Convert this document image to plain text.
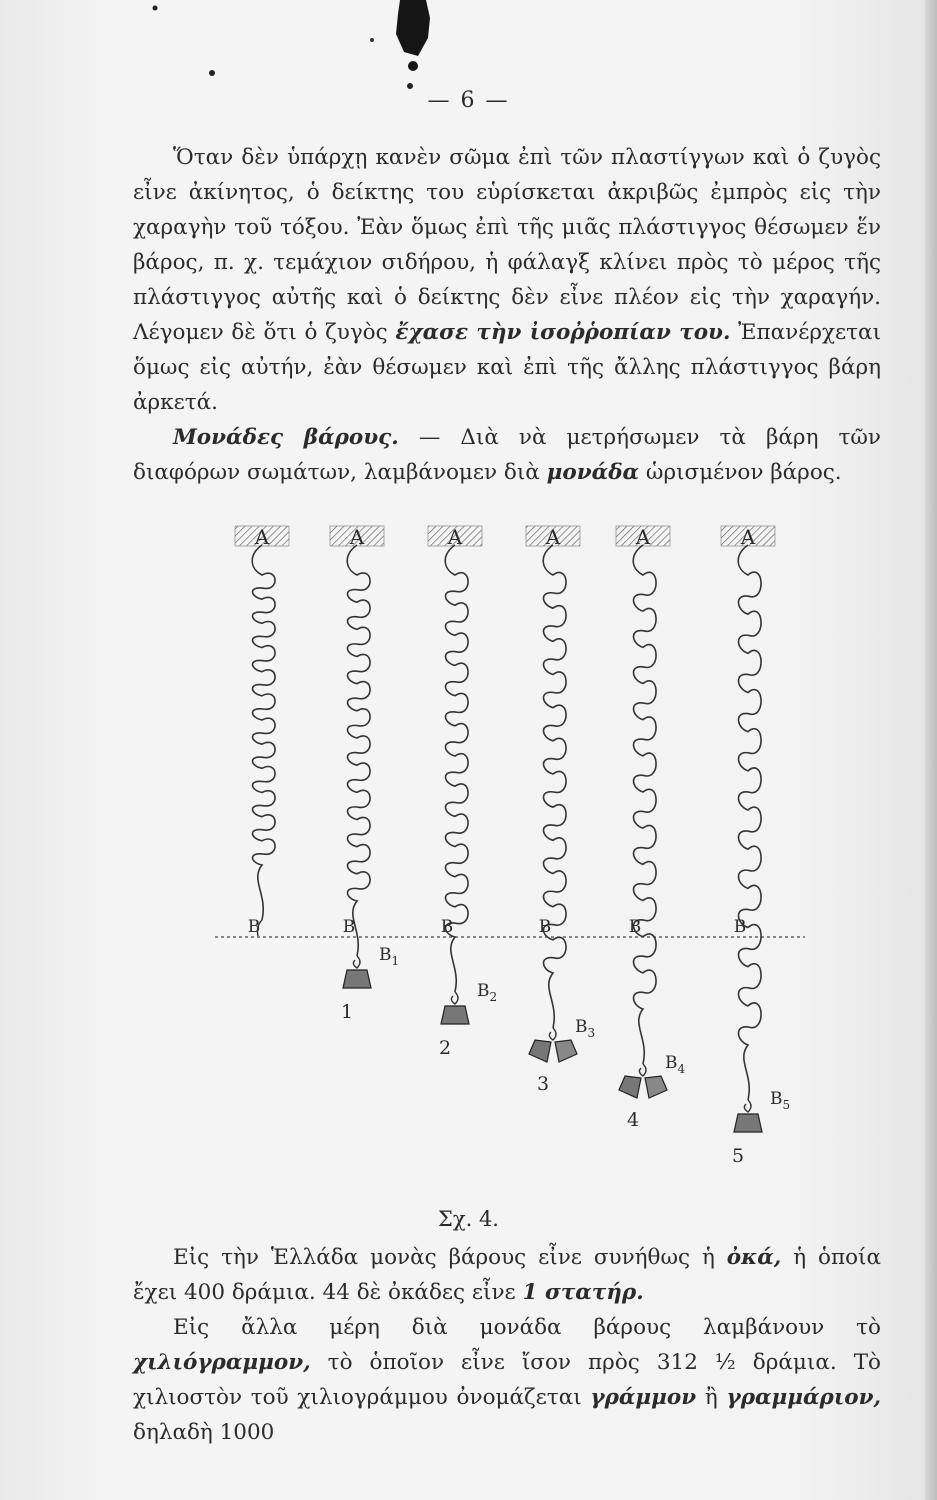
— 6 —

Ὅταν δὲν ὑπάρχῃ κανὲν σῶμα ἐπὶ τῶν πλαστίγγων καὶ ὁ ζυγὸς εἶνε ἀκίνητος, ὁ δείκτης του εὑρίσκεται ἀκριβῶς ἐμπρὸς εἰς τὴν χαραγὴν τοῦ τόξου. Ἐὰν ὅμως ἐπὶ τῆς μιᾶς πλάστιγγος θέσωμεν ἕν βάρος, π. χ. τεμάχιον σιδήρου, ἡ φάλαγξ κλίνει πρὸς τὸ μέρος τῆς πλάστιγγος αὐτῆς καὶ ὁ δείκτης δὲν εἶνε πλέον εἰς τὴν χαραγήν. Λέγομεν δὲ ὅτι ὁ ζυγὸς ἔχασε τὴν ἰσοῤῥοπίαν του. Ἐπανέρχεται ὅμως εἰς αὐτήν, ἐὰν θέσωμεν καὶ ἐπὶ τῆς ἄλλης πλάστιγγος βάρη ἀρκετά.

Μονάδες βάρους. — Διὰ νὰ μετρήσωμεν τὰ βάρη τῶν διαφόρων σωμάτων, λαμβάνομεν διὰ μονάδα ὡρισμένον βάρος.

A
B
A
B
$B_1$
1
A
B
$B_2$
2
A
B
$B_3$
3
A
B
$B_4$
4
A
B
$B_5$
5
Σχ. 4.

Εἰς τὴν Ἑλλάδα μονὰς βάρους εἶνε συνήθως ἡ ὀκά, ἡ ὁποία ἔχει 400 δράμια. 44 δὲ ὀκάδες εἶνε 1 στατήρ.

Εἰς ἄλλα μέρη διὰ μονάδα βάρους λαμβάνουν τὸ χιλιόγραμμον, τὸ ὁποῖον εἶνε ἴσον πρὸς 312 ½ δράμια. Τὸ χιλιοστὸν τοῦ χιλιογράμμου ὀνομάζεται γράμμον ἢ γραμμάριον, δηλαδὴ 1000
